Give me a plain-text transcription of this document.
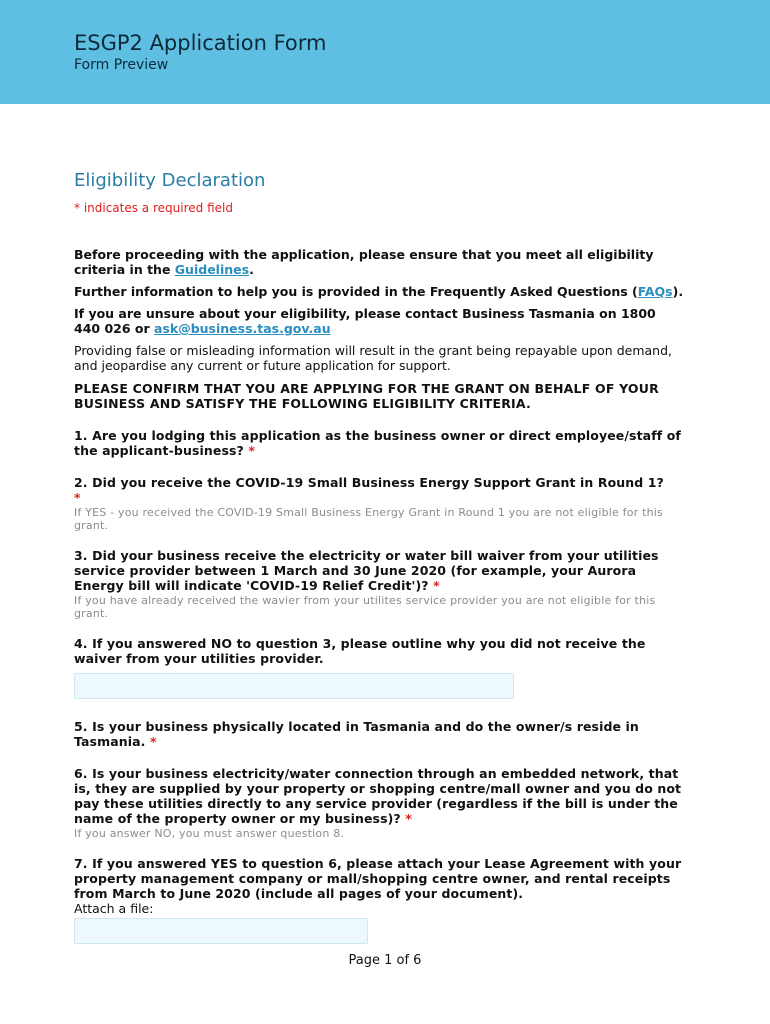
ESGP2 Application Form
Form Preview
Eligibility Declaration
* indicates a required field

Before proceeding with the application, please ensure that you meet all eligibility criteria in the Guidelines.

Further information to help you is provided in the Frequently Asked Questions (FAQs).

If you are unsure about your eligibility, please contact Business Tasmania on 1800 440 026 or ask@business.tas.gov.au

Providing false or misleading information will result in the grant being repayable upon demand, and jeopardise any current or future application for support.

PLEASE CONFIRM THAT YOU ARE APPLYING FOR THE GRANT ON BEHALF OF YOUR BUSINESS AND SATISFY THE FOLLOWING ELIGIBILITY CRITERIA.

1. Are you lodging this application as the business owner or direct employee/staff of the applicant-business? *

2. Did you receive the COVID-19 Small Business Energy Support Grant in Round 1?
*

If YES - you received the COVID-19 Small Business Energy Grant in Round 1 you are not eligible for this grant.

3. Did your business receive the electricity or water bill waiver from your utilities service provider between 1 March and 30 June 2020 (for example, your Aurora Energy bill will indicate 'COVID-19 Relief Credit')? *

If you have already received the wavier from your utilites service provider you are not eligible for this grant.

4. If you answered NO to question 3, please outline why you did not receive the waiver from your utilities provider.

5. Is your business physically located in Tasmania and do the owner/s reside in Tasmania. *

6. Is your business electricity/water connection through an embedded network, that is, they are supplied by your property or shopping centre/mall owner and you do not pay these utilities directly to any service provider (regardless if the bill is under the name of the property owner or my business)? *

If you answer NO, you must answer question 8.

7. If you answered YES to question 6, please attach your Lease Agreement with your property management company or mall/shopping centre owner, and rental receipts from March to June 2020 (include all pages of your document).

Attach a file:

Page 1 of 6
